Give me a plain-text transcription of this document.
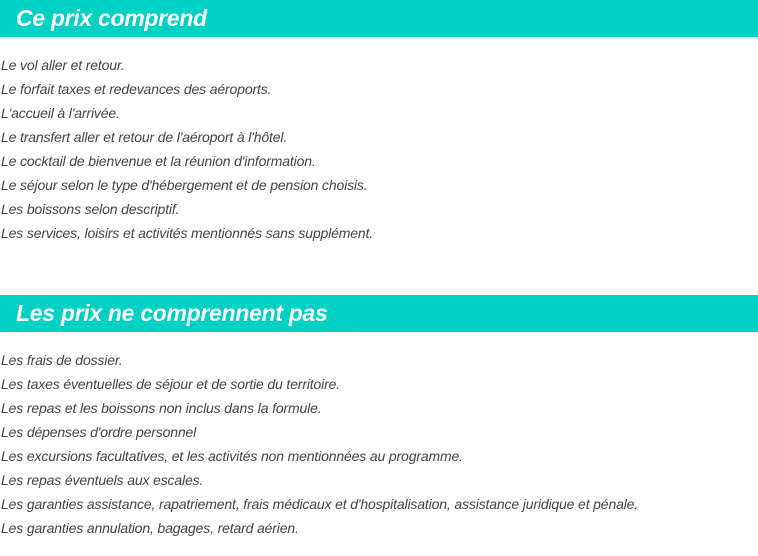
Ce prix comprend
Le vol aller et retour.
Le forfait taxes et redevances des aéroports.
L'accueil à l'arrivée.
Le transfert aller et retour de l'aéroport à l'hôtel.
Le cocktail de bienvenue et la réunion d'information.
Le séjour selon le type d'hébergement et de pension choisis.
Les boissons selon descriptif.
Les services, loisirs et activités mentionnés sans supplément.
Les prix ne comprennent pas
Les frais de dossier.
Les taxes éventuelles de séjour et de sortie du territoire.
Les repas et les boissons non inclus dans la formule.
Les dépenses d'ordre personnel
Les excursions facultatives, et les activités non mentionnées au programme.
Les repas éventuels aux escales.
Les garanties assistance, rapatriement, frais médicaux et d'hospitalisation, assistance juridique et pénale.
Les garanties annulation, bagages, retard aérien.
